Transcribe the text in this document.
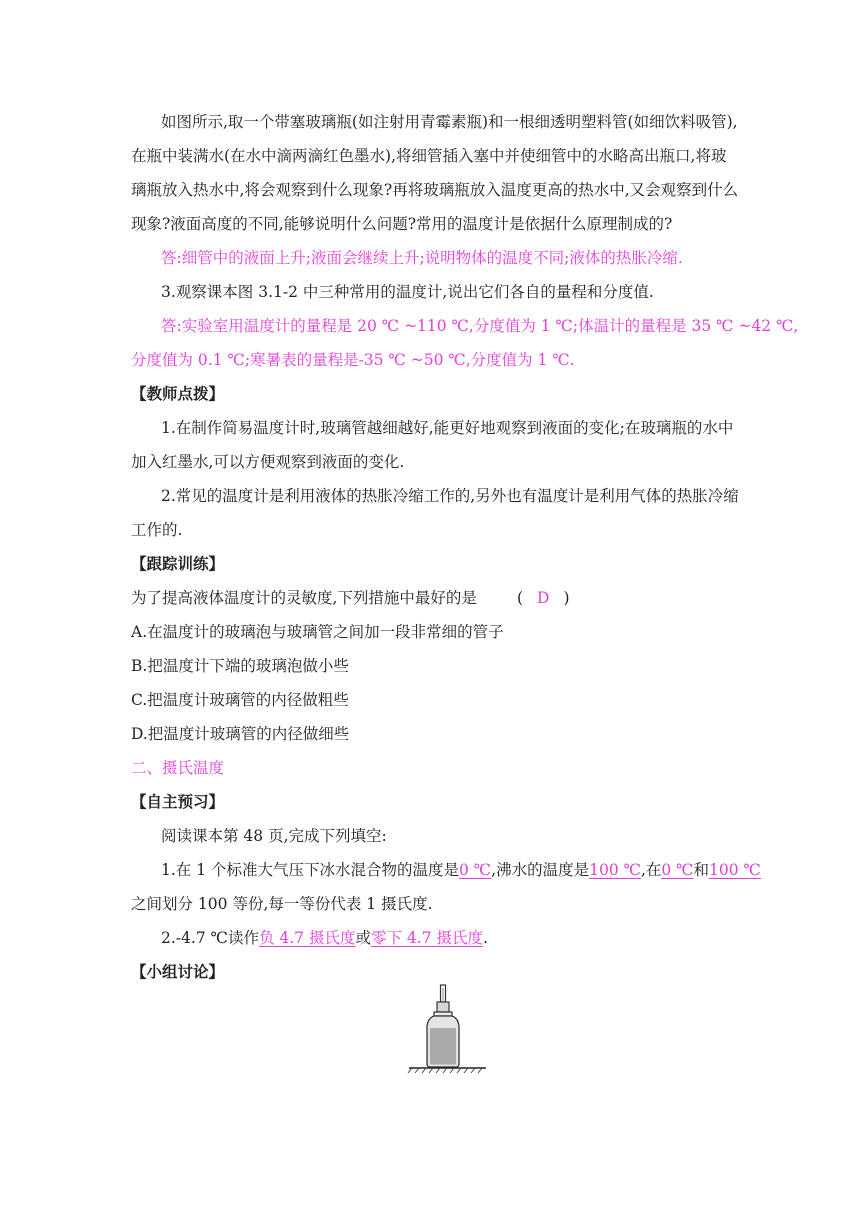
如图所示,取一个带塞玻璃瓶(如注射用青霉素瓶)和一根细透明塑料管(如细饮料吸管),
在瓶中装满水(在水中滴两滴红色墨水),将细管插入塞中并使细管中的水略高出瓶口,将玻
璃瓶放入热水中,将会观察到什么现象?再将玻璃瓶放入温度更高的热水中,又会观察到什么
现象?液面高度的不同,能够说明什么问题?常用的温度计是依据什么原理制成的?
答:细管中的液面上升;液面会继续上升;说明物体的温度不同;液体的热胀冷缩.
3.观察课本图 3.1-2 中三种常用的温度计,说出它们各自的量程和分度值.
答:实验室用温度计的量程是 20 ℃ ~110 ℃,分度值为 1 ℃;体温计的量程是 35 ℃ ~42 ℃,
分度值为 0.1 ℃;寒暑表的量程是-35 ℃ ~50 ℃,分度值为 1 ℃.
【教师点拨】
1.在制作简易温度计时,玻璃管越细越好,能更好地观察到液面的变化;在玻璃瓶的水中
加入红墨水,可以方便观察到液面的变化.
2.常见的温度计是利用液体的热胀冷缩工作的,另外也有温度计是利用气体的热胀冷缩
工作的.
【跟踪训练】
为了提高液体温度计的灵敏度,下列措施中最好的是	( D )
A.在温度计的玻璃泡与玻璃管之间加一段非常细的管子
B.把温度计下端的玻璃泡做小些
C.把温度计玻璃管的内径做粗些
D.把温度计玻璃管的内径做细些
二、摄氏温度
【自主预习】
阅读课本第 48 页,完成下列填空:
1.在 1 个标准大气压下冰水混合物的温度是0 ℃,沸水的温度是100 ℃,在0 ℃和100 ℃
之间划分 100 等份,每一等份代表 1 摄氏度.
2.-4.7 ℃读作负 4.7 摄氏度或零下 4.7 摄氏度.
【小组讨论】
